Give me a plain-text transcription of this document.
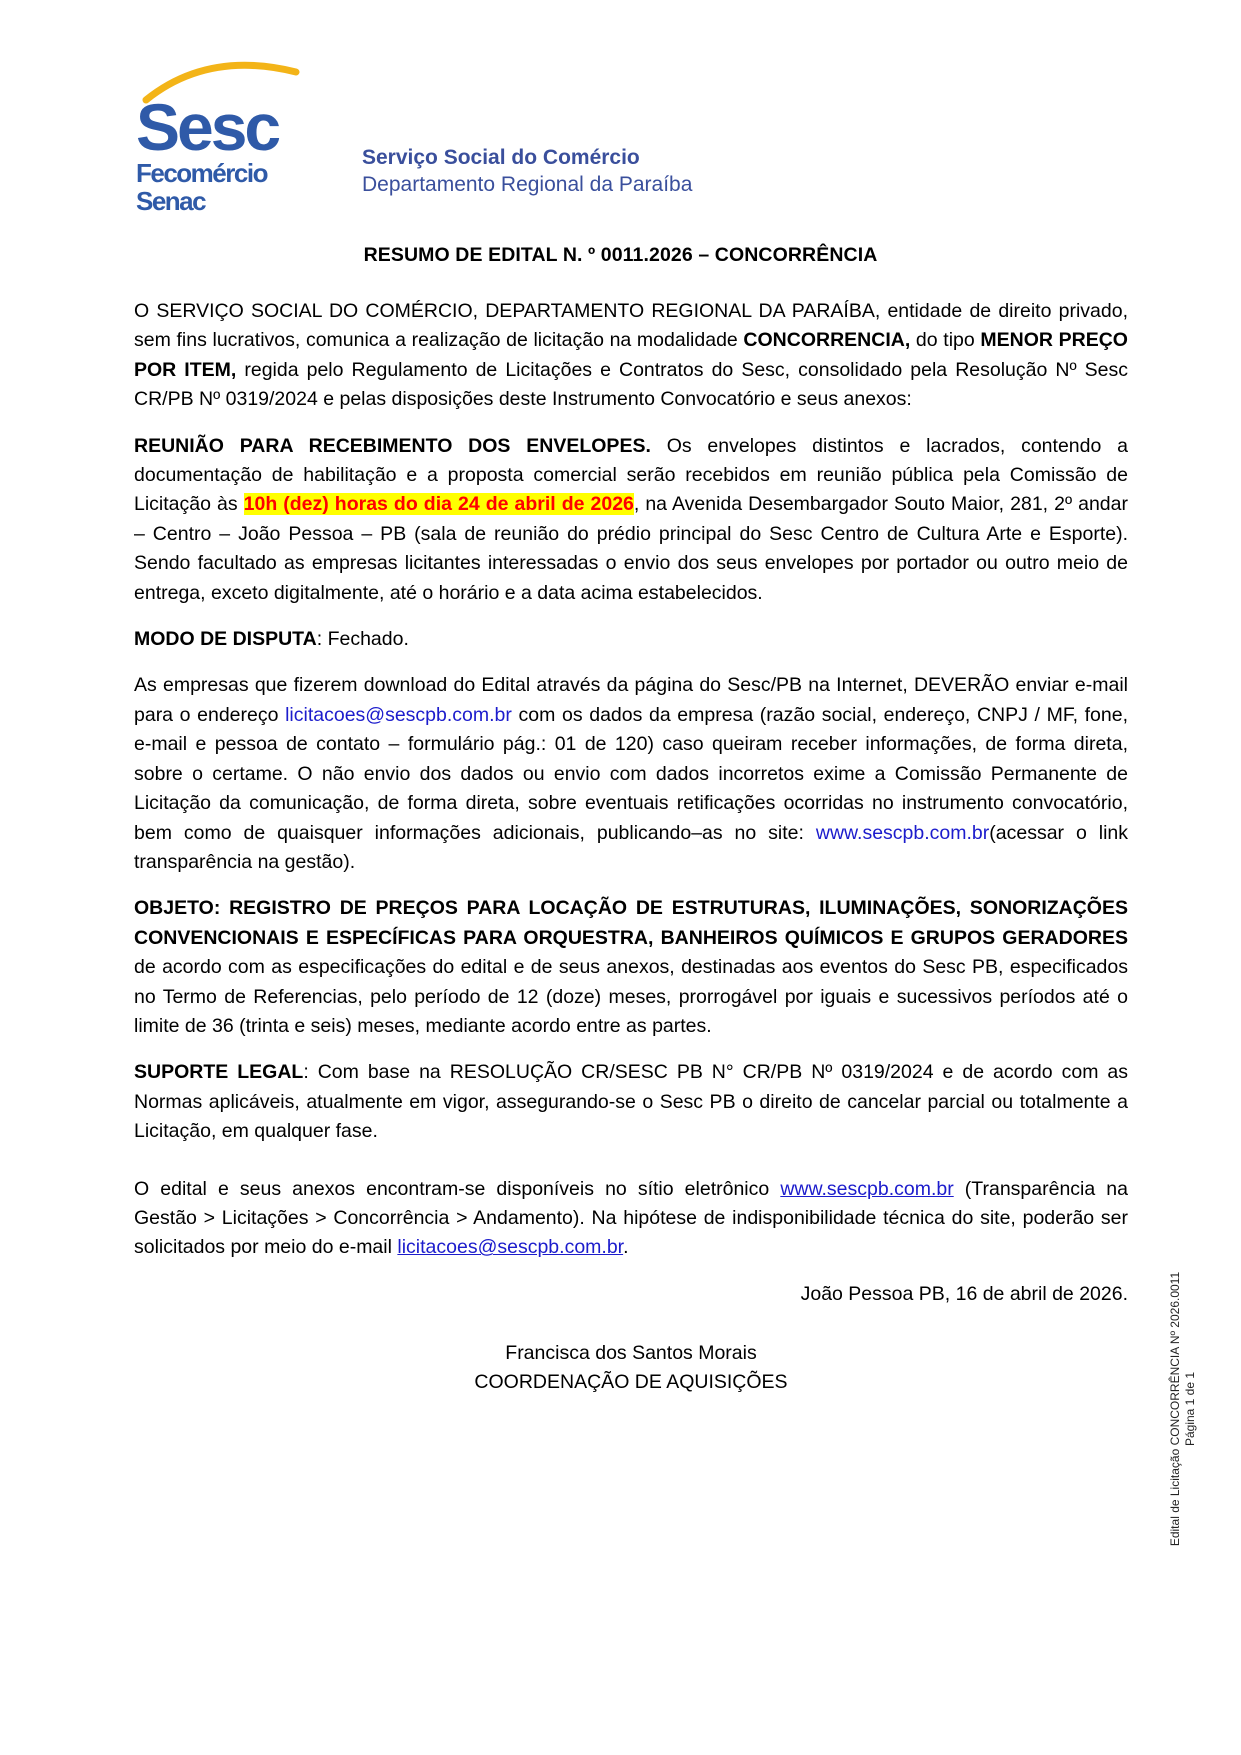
Sesc
Fecomércio
Senac
Serviço Social do Comércio
Departamento Regional da Paraíba
RESUMO DE EDITAL N. º 0011.2026 – CONCORRÊNCIA

O SERVIÇO SOCIAL DO COMÉRCIO, DEPARTAMENTO REGIONAL DA PARAÍBA, entidade de direito privado, sem fins lucrativos, comunica a realização de licitação na modalidade CONCORRENCIA, do tipo MENOR PREÇO POR ITEM, regida pelo Regulamento de Licitações e Contratos do Sesc, consolidado pela Resolução Nº Sesc CR/PB Nº 0319/2024 e pelas disposições deste Instrumento Convocatório e seus anexos:

REUNIÃO PARA RECEBIMENTO DOS ENVELOPES. Os envelopes distintos e lacrados, contendo a documentação de habilitação e a proposta comercial serão recebidos em reunião pública pela Comissão de Licitação às 10h (dez) horas do dia 24 de abril de 2026, na Avenida Desembargador Souto Maior, 281, 2º andar – Centro – João Pessoa – PB (sala de reunião do prédio principal do Sesc Centro de Cultura Arte e Esporte). Sendo facultado as empresas licitantes interessadas o envio dos seus envelopes por portador ou outro meio de entrega, exceto digitalmente, até o horário e a data acima estabelecidos.

MODO DE DISPUTA: Fechado.

As empresas que fizerem download do Edital através da página do Sesc/PB na Internet, DEVERÃO enviar e-mail para o endereço licitacoes@sescpb.com.br com os dados da empresa (razão social, endereço, CNPJ / MF, fone, e-mail e pessoa de contato – formulário pág.: 01 de 120) caso queiram receber informações, de forma direta, sobre o certame. O não envio dos dados ou envio com dados incorretos exime a Comissão Permanente de Licitação da comunicação, de forma direta, sobre eventuais retificações ocorridas no instrumento convocatório, bem como de quaisquer informações adicionais, publicando–as no site: www.sescpb.com.br(acessar o link transparência na gestão).

OBJETO: REGISTRO DE PREÇOS PARA LOCAÇÃO DE ESTRUTURAS, ILUMINAÇÕES, SONORIZAÇÕES CONVENCIONAIS E ESPECÍFICAS PARA ORQUESTRA, BANHEIROS QUÍMICOS E GRUPOS GERADORES de acordo com as especificações do edital e de seus anexos, destinadas aos eventos do Sesc PB, especificados no Termo de Referencias, pelo período de 12 (doze) meses, prorrogável por iguais e sucessivos períodos até o limite de 36 (trinta e seis) meses, mediante acordo entre as partes.

SUPORTE LEGAL: Com base na RESOLUÇÃO CR/SESC PB N° CR/PB Nº 0319/2024 e de acordo com as Normas aplicáveis, atualmente em vigor, assegurando-se o Sesc PB o direito de cancelar parcial ou totalmente a Licitação, em qualquer fase.

O edital e seus anexos encontram-se disponíveis no sítio eletrônico www.sescpb.com.br (Transparência na Gestão > Licitações > Concorrência > Andamento). Na hipótese de indisponibilidade técnica do site, poderão ser solicitados por meio do e-mail licitacoes@sescpb.com.br.

João Pessoa PB, 16 de abril de 2026.

Francisca dos Santos Morais
COORDENAÇÃO DE AQUISIÇÕES	Edital de Licitação CONCORRÊNCIA Nº 2026.0011 Página 1 de 1
